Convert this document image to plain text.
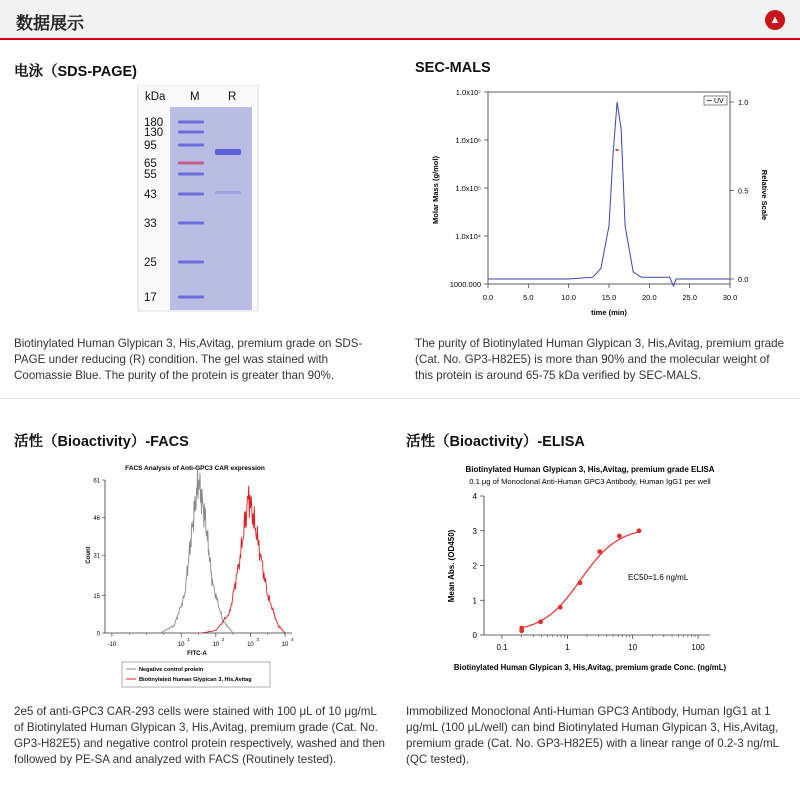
数据展示	▲
电泳（SDS-PAGE)
kDa M R
180
130
95
65
55
43
33
25
17
Biotinylated Human Glypican 3, His,Avitag, premium grade on SDS-PAGE under reducing (R) condition. The gel was stained with Coomassie Blue. The purity of the protein is greater than 90%.
SEC-MALS
1.0x10⁷
1.0x10⁶
1.0x10⁵
1.0x10⁴
1000.000
1.0
0.5
0.0
0.0	5.0	10.0	15.0	20.0	25.0	30.0
UV
Molar Mass (g/mol)	Relative Scale
time (min)
The purity of Biotinylated Human Glypican 3, His,Avitag, premium grade (Cat. No. GP3-H82E5) is more than 90% and the molecular weight of this protein is around 65-75 kDa verified by SEC-MALS.
活性（Bioactivity）-FACS
FACS Analysis of Anti-GPC3 CAR expression
61
46
31
15
0
-10	10
1
10
2
10
3
10
4
Count
FITC-A
Negative control protein
Biotinylated Human Glypican 3, His,Avitag
2e5 of anti-GPC3 CAR-293 cells were stained with 100 μL of 10 μg/mL of Biotinylated Human Glypican 3, His,Avitag, premium grade (Cat. No. GP3-H82E5) and negative control protein respectively, washed and then followed by PE-SA and analyzed with FACS (Routinely tested).
活性（Bioactivity）-ELISA
Biotinylated Human Glypican 3, His,Avitag, premium grade ELISA
0.1 μg of Monoclonal Anti-Human GPC3 Antibody, Human IgG1 per well
0
1
2
3
4
0.1	1	10	100
EC50=1.6 ng/mL
Mean Abs. (OD450)
Biotinylated Human Glypican 3, His,Avitag, premium grade Conc. (ng/mL)
Immobilized Monoclonal Anti-Human GPC3 Antibody, Human IgG1 at 1 μg/mL (100 μL/well) can bind Biotinylated Human Glypican 3, His,Avitag, premium grade (Cat. No. GP3-H82E5) with a linear range of 0.2-3 ng/mL (QC tested).
